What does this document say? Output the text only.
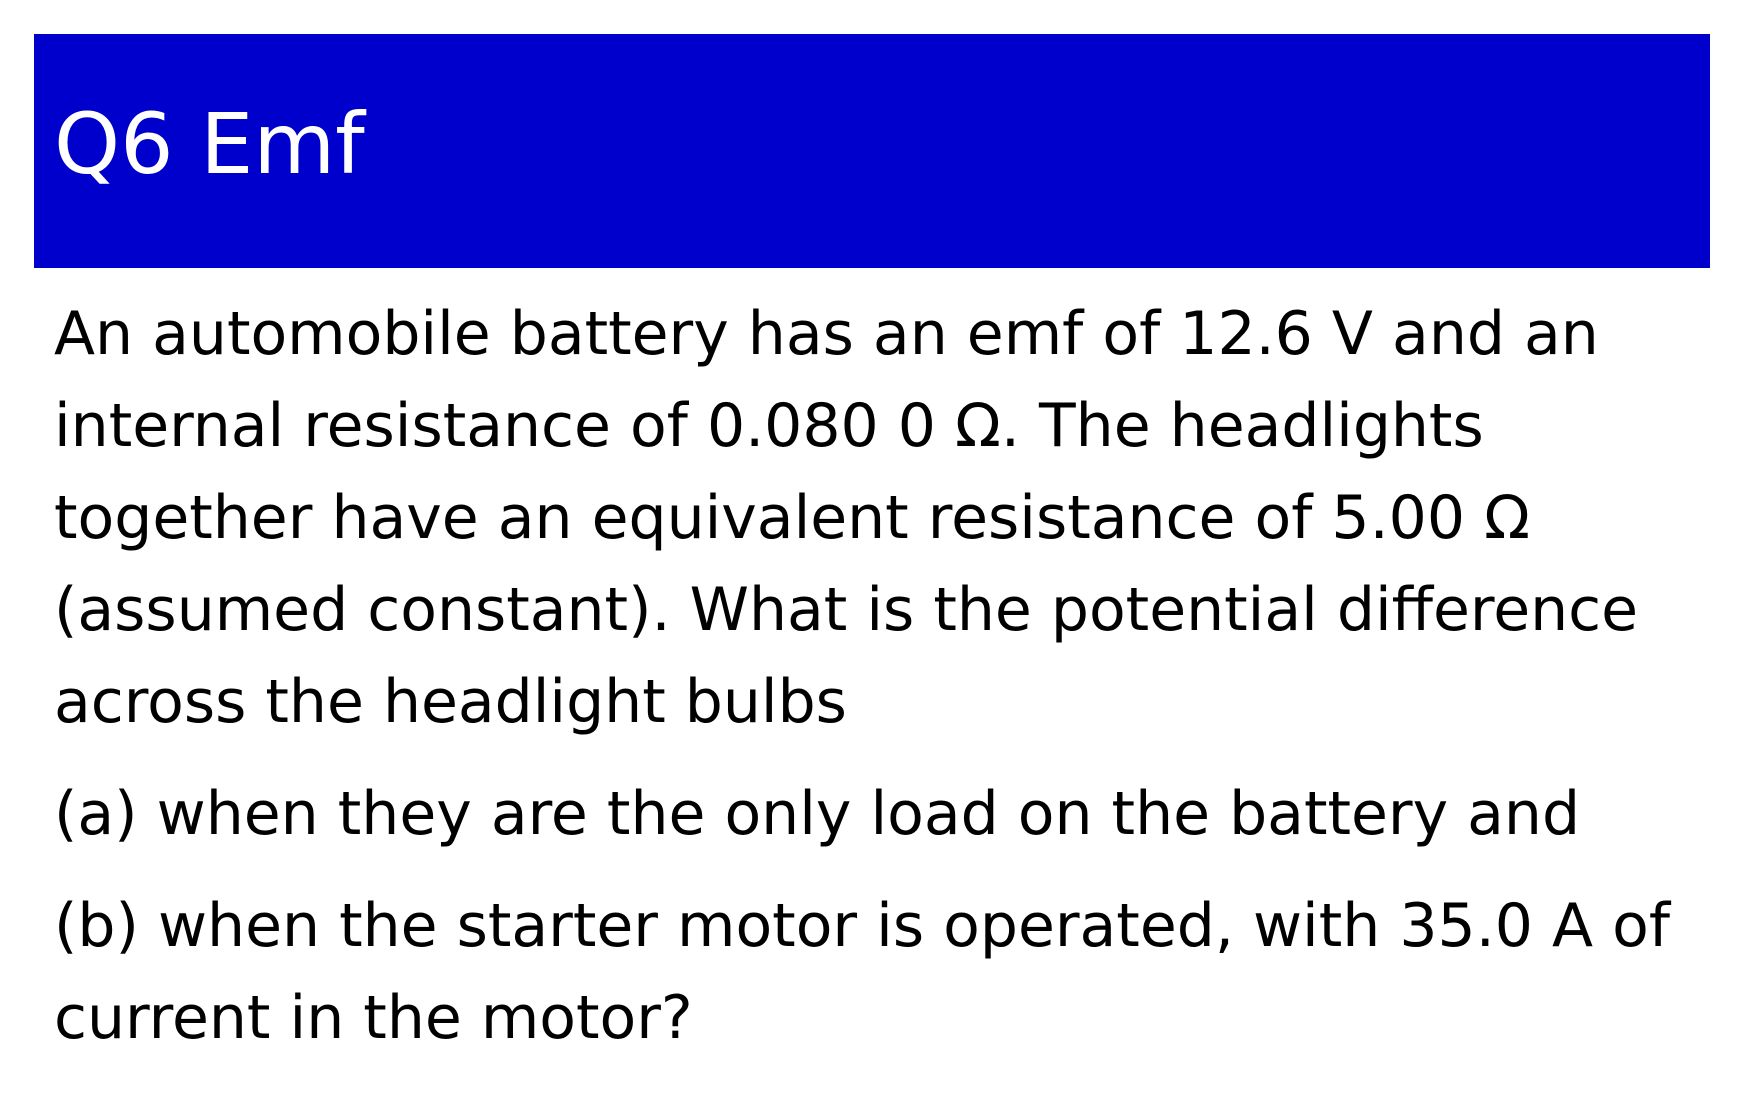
Q6 Emf

An automobile battery has an emf of 12.6 V and an internal resistance of 0.080 0 Ω. The headlights together have an equivalent resistance of 5.00 Ω (assumed constant). What is the potential difference across the headlight bulbs

(a) when they are the only load on the battery and

(b) when the starter motor is operated, with 35.0 A of current in the motor?
